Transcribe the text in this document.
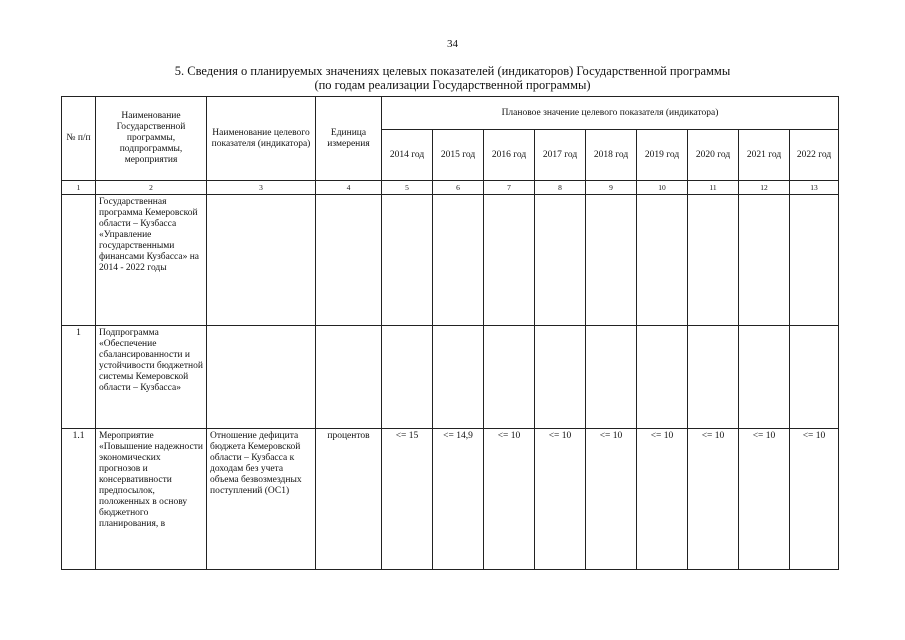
34
5. Сведения о планируемых значениях целевых показателей (индикаторов) Государственной программы
(по годам реализации Государственной программы)
№ п/п	Наименование Государственной программы, подпрограммы, мероприятия	Наименование целевого показателя (индикатора)	Единица измерения	Плановое значение целевого показателя (индикатора)								
				2014 год	2015 год	2016 год	2017 год	2018 год	2019 год	2020 год	2021 год	2022 год
1	2	3	4	5	6	7	8	9	10	11	12	13
	Государственная программа Кемеровской области – Кузбасса «Управление государственными финансами Кузбасса» на 2014 - 2022 годы											
1	Подпрограмма «Обеспечение сбалансированности и устойчивости бюджетной системы Кемеровской области – Кузбасса»											
1.1	Мероприятие «Повышение надежности экономических прогнозов и консервативности предпосылок, положенных в основу бюджетного планирования, в	Отношение дефицита бюджета Кемеровской области – Кузбасса к доходам без учета объема безвозмездных поступлений (ОС1)	процентов	<= 15	<= 14,9	<= 10	<= 10	<= 10	<= 10	<= 10	<= 10	<= 10
